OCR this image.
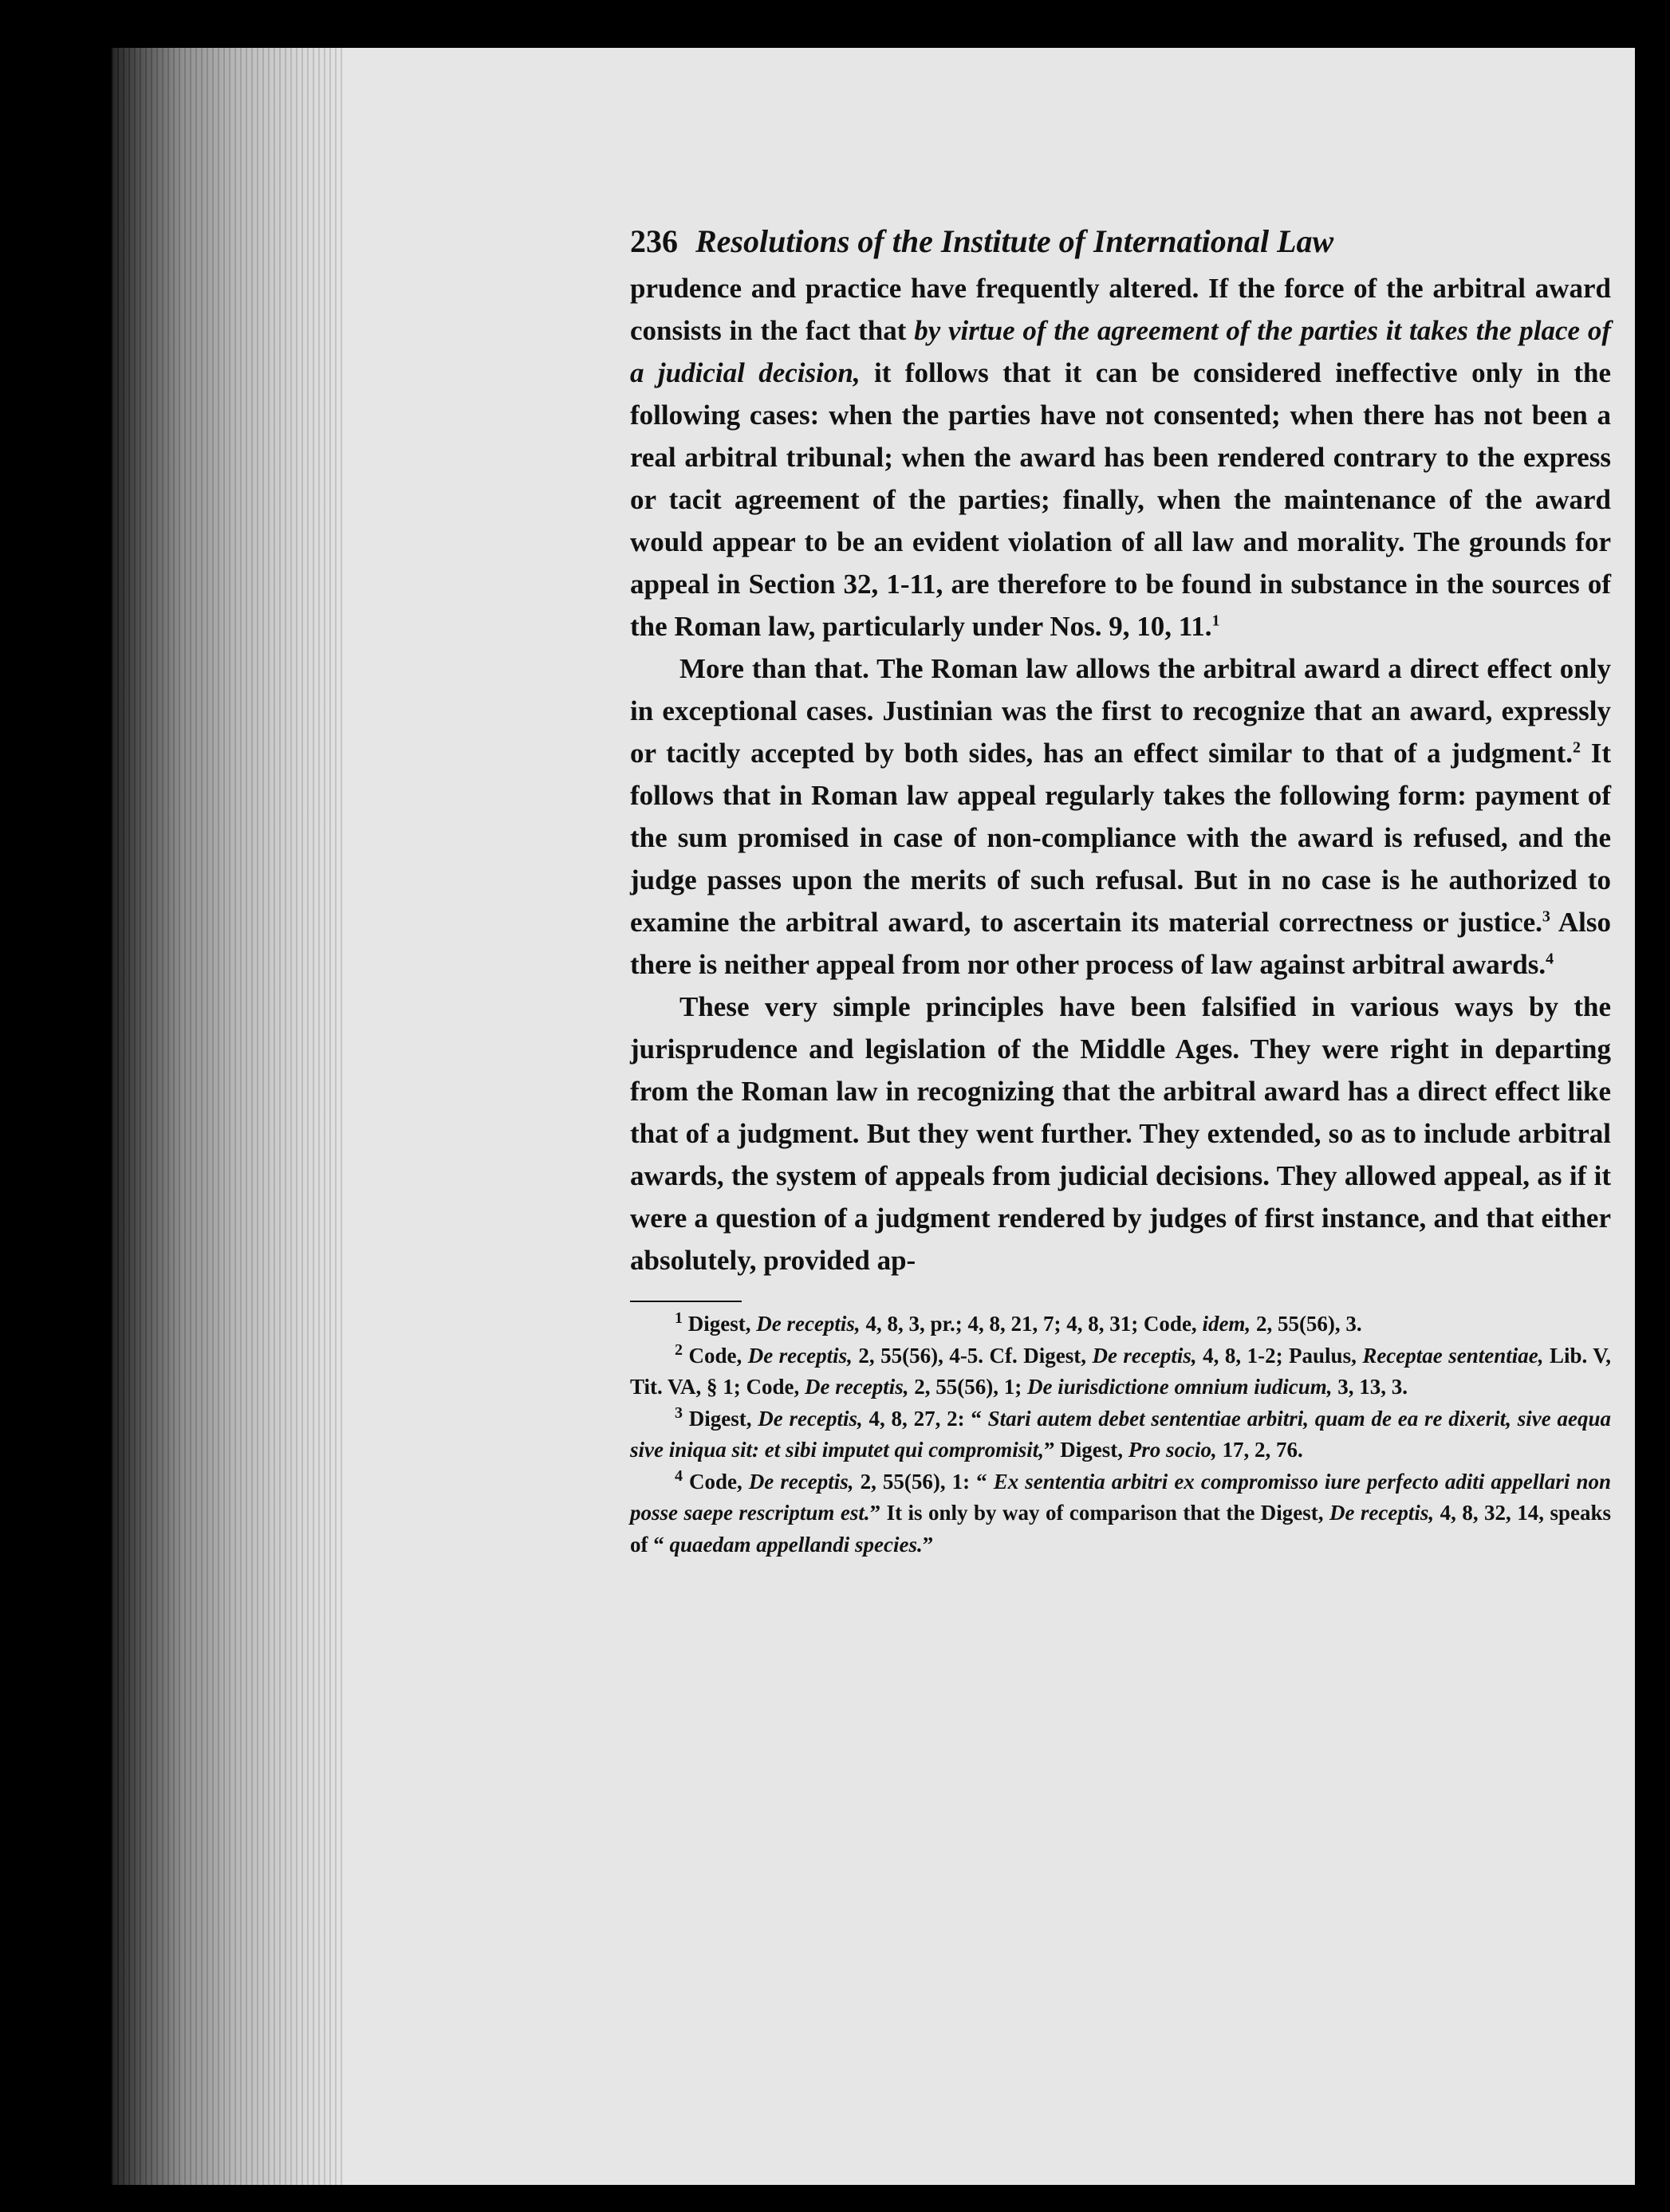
236 Resolutions of the Institute of International Law

prudence and practice have frequently altered. If the force of the arbitral award consists in the fact that by virtue of the agreement of the parties it takes the place of a judicial decision, it follows that it can be considered ineffective only in the following cases: when the parties have not consented; when there has not been a real arbitral tribunal; when the award has been rendered contrary to the express or tacit agreement of the parties; finally, when the maintenance of the award would appear to be an evident violation of all law and morality. The grounds for appeal in Section 32, 1-11, are therefore to be found in substance in the sources of the Roman law, particularly under Nos. 9, 10, 11.$^1$

More than that. The Roman law allows the arbitral award a direct effect only in exceptional cases. Justinian was the first to recognize that an award, expressly or tacitly accepted by both sides, has an effect similar to that of a judgment.$^2$ It follows that in Roman law appeal regularly takes the following form: payment of the sum promised in case of non-compliance with the award is refused, and the judge passes upon the merits of such refusal. But in no case is he authorized to examine the arbitral award, to ascertain its material correctness or justice.$^3$ Also there is neither appeal from nor other process of law against arbitral awards.$^4$

These very simple principles have been falsified in various ways by the jurisprudence and legislation of the Middle Ages. They were right in departing from the Roman law in recognizing that the arbitral award has a direct effect like that of a judgment. But they went further. They extended, so as to include arbitral awards, the system of appeals from judicial decisions. They allowed appeal, as if it were a question of a judgment rendered by judges of first instance, and that either absolutely, provided ap-

$^1$ Digest, De receptis, 4, 8, 3, pr.; 4, 8, 21, 7; 4, 8, 31; Code, idem, 2, 55(56), 3.

$^2$ Code, De receptis, 2, 55(56), 4-5. Cf. Digest, De receptis, 4, 8, 1-2; Paulus, Receptae sententiae, Lib. V, Tit. VA, § 1; Code, De receptis, 2, 55(56), 1; De iurisdictione omnium iudicum, 3, 13, 3.

$^3$ Digest, De receptis, 4, 8, 27, 2: “ Stari autem debet sententiae arbitri, quam de ea re dixerit, sive aequa sive iniqua sit: et sibi imputet qui compromisit,” Digest, Pro socio, 17, 2, 76.

$^4$ Code, De receptis, 2, 55(56), 1: “ Ex sententia arbitri ex compromisso iure perfecto aditi appellari non posse saepe rescriptum est.” It is only by way of comparison that the Digest, De receptis, 4, 8, 32, 14, speaks of “ quaedam appellandi species.”
